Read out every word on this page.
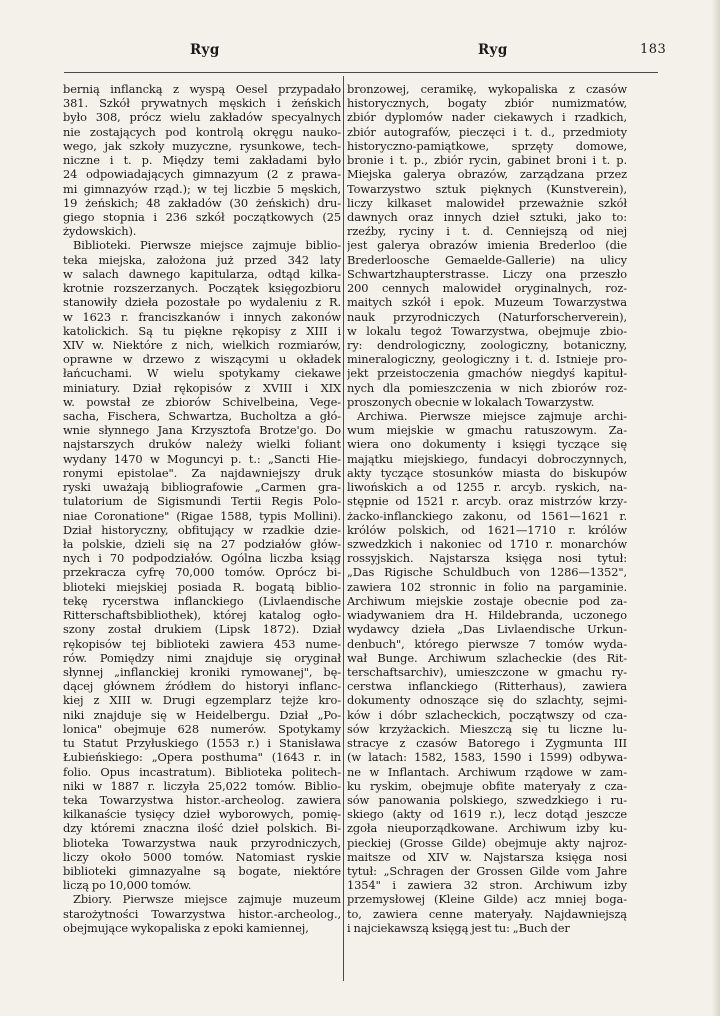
Ryg	Ryg	183
bernią inflancką z wyspą Oesel przypadało
381. Szkół prywatnych męskich i żeńskich
było 308, prócz wielu zakładów specyalnych
nie zostających pod kontrolą okręgu nauko-
wego, jak szkoły muzyczne, rysunkowe, tech-
niczne i t. p. Między temi zakładami było
24 odpowiadających gimnazyum (2 z prawa-
mi gimnazyów rząd.); w tej liczbie 5 męskich,
19 żeńskich; 48 zakładów (30 żeńskich) dru-
giego stopnia i 236 szkół początkowych (25
żydowskich).
Biblioteki. Pierwsze miejsce zajmuje biblio-
teka miejska, założona już przed 342 laty
w salach dawnego kapitularza, odtąd kilka-
krotnie rozszerzanych. Początek księgozbioru
stanowiły dzieła pozostałe po wydaleniu z R.
w 1623 r. franciszkanów i innych zakonów
katolickich. Są tu piękne rękopisy z XIII i
XIV w. Niektóre z nich, wielkich rozmiarów,
oprawne w drzewo z wiszącymi u okładek
łańcuchami. W wielu spotykamy ciekawe
miniatury. Dział rękopisów z XVIII i XIX
w. powstał ze zbiorów Schivelbeina, Vege-
sacha, Fischera, Schwartza, Bucholtza a głó-
wnie słynnego Jana Krzysztofa Brotze'go. Do
najstarszych druków należy wielki foliant
wydany 1470 w Moguncyi p. t.: „Sancti Hie-
ronymi epistolae". Za najdawniejszy druk
ryski uważają bibliografowie „Carmen gra-
tulatorium de Sigismundi Tertii Regis Polo-
niae Coronatione" (Rigae 1588, typis Mollini).
Dział historyczny, obfitujący w rzadkie dzie-
ła polskie, dzieli się na 27 podziałów głów-
nych i 70 podpodziałów. Ogólna liczba ksiąg
przekracza cyfrę 70,000 tomów. Oprócz bi-
blioteki miejskiej posiada R. bogatą biblio-
tekę rycerstwa inflanckiego (Livlaendische
Ritterschaftsbibliothek), której katalog ogło-
szony został drukiem (Lipsk 1872). Dział
rękopisów tej biblioteki zawiera 453 nume-
rów. Pomiędzy nimi znajduje się oryginał
słynnej „inflanckiej kroniki rymowanej", bę-
dącej głównem źródłem do historyi inflanc-
kiej z XIII w. Drugi egzemplarz tejże kro-
niki znajduje się w Heidelbergu. Dział „Po-
lonica" obejmuje 628 numerów. Spotykamy
tu Statut Przyłuskiego (1553 r.) i Stanisława
Łubieńskiego: „Opera posthuma" (1643 r. in
folio. Opus incastratum). Biblioteka politech-
niki w 1887 r. liczyła 25,022 tomów. Biblio-
teka Towarzystwa histor.-archeolog. zawiera
kilkanaście tysięcy dzieł wyborowych, pomię-
dzy któremi znaczna ilość dzieł polskich. Bi-
blioteka Towarzystwa nauk przyrodniczych,
liczy około 5000 tomów. Natomiast ryskie
biblioteki gimnazyalne są bogate, niektóre
liczą po 10,000 tomów.
Zbiory. Pierwsze miejsce zajmuje muzeum
starożytności Towarzystwa histor.-archeolog.,
obejmujące wykopaliska z epoki kamiennej,
bronzowej, ceramikę, wykopaliska z czasów
historycznych, bogaty zbiór numizmatów,
zbiór dyplomów nader ciekawych i rzadkich,
zbiór autografów, pieczęci i t. d., przedmioty
historyczno-pamiątkowe, sprzęty domowe,
bronie i t. p., zbiór rycin, gabinet broni i t. p.
Miejska galerya obrazów, zarządzana przez
Towarzystwo sztuk pięknych (Kunstverein),
liczy kilkaset malowideł przeważnie szkół
dawnych oraz innych dzieł sztuki, jako to:
rzeźby, ryciny i t. d. Cenniejszą od niej
jest galerya obrazów imienia Brederloo (die
Brederloosche Gemaelde-Gallerie) na ulicy
Schwartzhaupterstrasse. Liczy ona przeszło
200 cennych malowideł oryginalnych, roz-
maitych szkół i epok. Muzeum Towarzystwa
nauk przyrodniczych (Naturforscherverein),
w lokalu tegoż Towarzystwa, obejmuje zbio-
ry: dendrologiczny, zoologiczny, botaniczny,
mineralogiczny, geologiczny i t. d. Istnieje pro-
jekt przeistoczenia gmachów niegdyś kapituł-
nych dla pomieszczenia w nich zbiorów roz-
proszonych obecnie w lokalach Towarzystw.
Archiwa. Pierwsze miejsce zajmuje archi-
wum miejskie w gmachu ratuszowym. Za-
wiera ono dokumenty i księgi tyczące się
majątku miejskiego, fundacyi dobroczynnych,
akty tyczące stosunków miasta do biskupów
liwońskich a od 1255 r. arcyb. ryskich, na-
stępnie od 1521 r. arcyb. oraz mistrzów krzy-
żacko-inflanckiego zakonu, od 1561—1621 r.
królów polskich, od 1621—1710 r. królów
szwedzkich i nakoniec od 1710 r. monarchów
rossyjskich. Najstarsza księga nosi tytuł:
„Das Rigische Schuldbuch von 1286—1352",
zawiera 102 stronnic in folio na pargaminie.
Archiwum miejskie zostaje obecnie pod za-
wiadywaniem dra H. Hildebranda, uczonego
wydawcy dzieła „Das Livlaendische Urkun-
denbuch", którego pierwsze 7 tomów wyda-
wał Bunge. Archiwum szlacheckie (des Rit-
terschaftsarchiv), umieszczone w gmachu ry-
cerstwa inflanckiego (Ritterhaus), zawiera
dokumenty odnoszące się do szlachty, sejmi-
ków i dóbr szlacheckich, początwszy od cza-
sów krzyżackich. Mieszczą się tu liczne lu-
stracye z czasów Batorego i Zygmunta III
(w latach: 1582, 1583, 1590 i 1599) odbywa-
ne w Inflantach. Archiwum rządowe w zam-
ku ryskim, obejmuje obfite materyały z cza-
sów panowania polskiego, szwedzkiego i ru-
skiego (akty od 1619 r.), lecz dotąd jeszcze
zgoła nieuporządkowane. Archiwum izby ku-
pieckiej (Grosse Gilde) obejmuje akty najroz-
maitsze od XIV w. Najstarsza księga nosi
tytuł: „Schragen der Grossen Gilde vom Jahre
1354" i zawiera 32 stron. Archiwum izby
przemysłowej (Kleine Gilde) acz mniej boga-
to, zawiera cenne materyały. Najdawniejszą
i najciekawszą księgą jest tu: „Buch der
